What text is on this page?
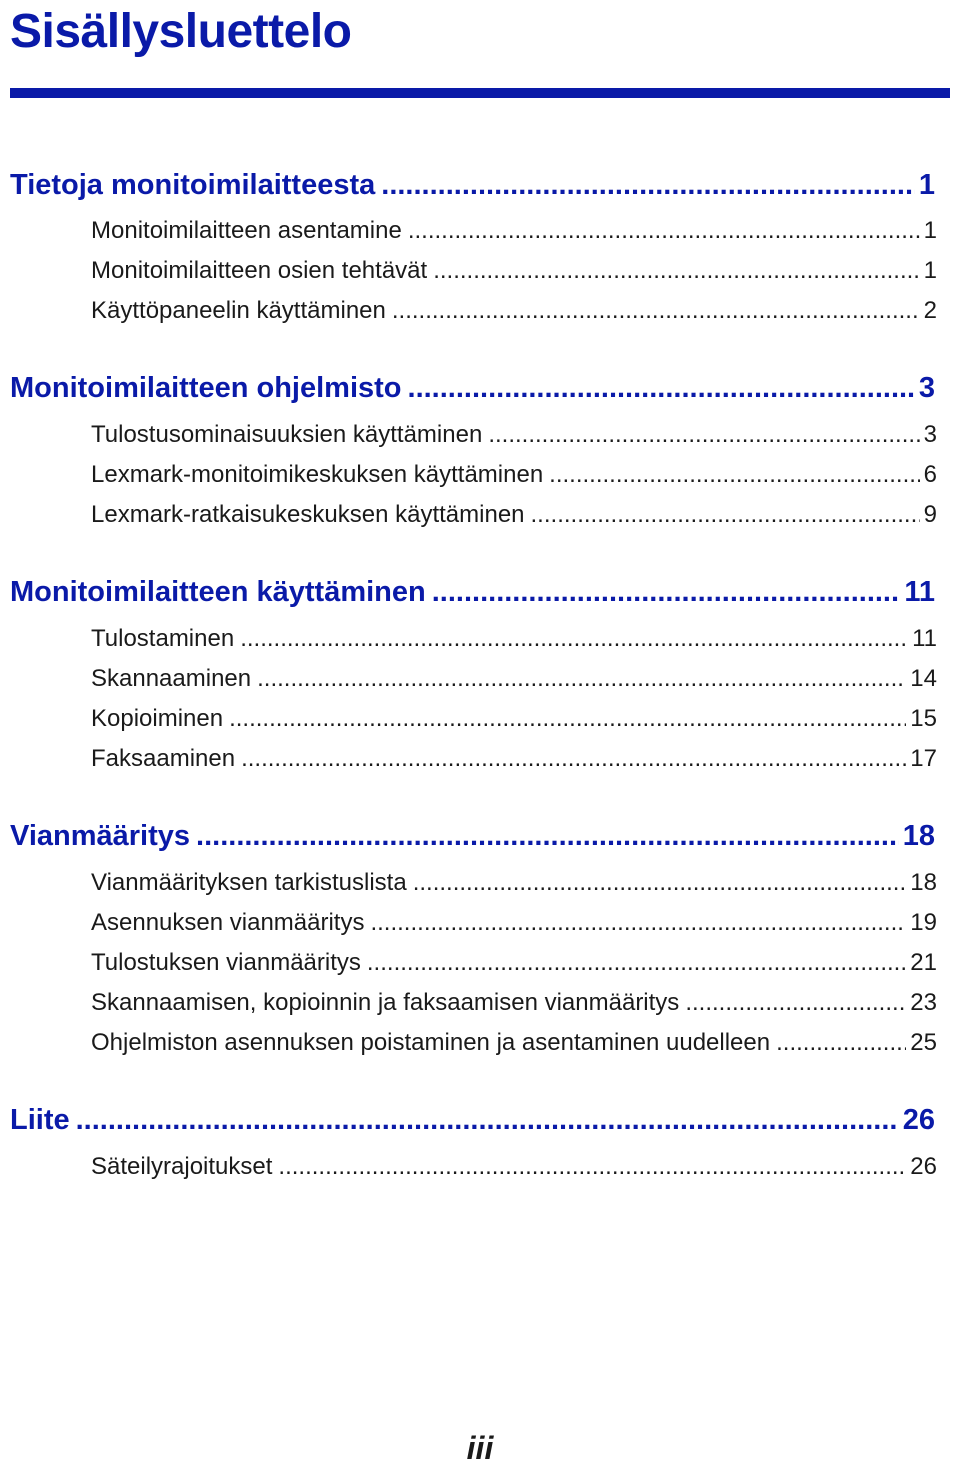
Sisällysluettelo
Tietoja monitoimilaitteesta .....	1
Monitoimilaitteen asentamine .....	1
Monitoimilaitteen osien tehtävät .....	1
Käyttöpaneelin käyttäminen .....	2
Monitoimilaitteen ohjelmisto .....	3
Tulostusominaisuuksien käyttäminen .....	3
Lexmark-monitoimikeskuksen käyttäminen .....	6
Lexmark-ratkaisukeskuksen käyttäminen .....	9
Monitoimilaitteen käyttäminen .....	11
Tulostaminen .....	11
Skannaaminen .....	14
Kopioiminen .....	15
Faksaaminen .....	17
Vianmääritys .....	18
Vianmäärityksen tarkistuslista .....	18
Asennuksen vianmääritys .....	19
Tulostuksen vianmääritys .....	21
Skannaamisen, kopioinnin ja faksaamisen vianmääritys .....	23
Ohjelmiston asennuksen poistaminen ja asentaminen uudelleen .....	25
Liite .....	26
Säteilyrajoitukset .....	26
iii
